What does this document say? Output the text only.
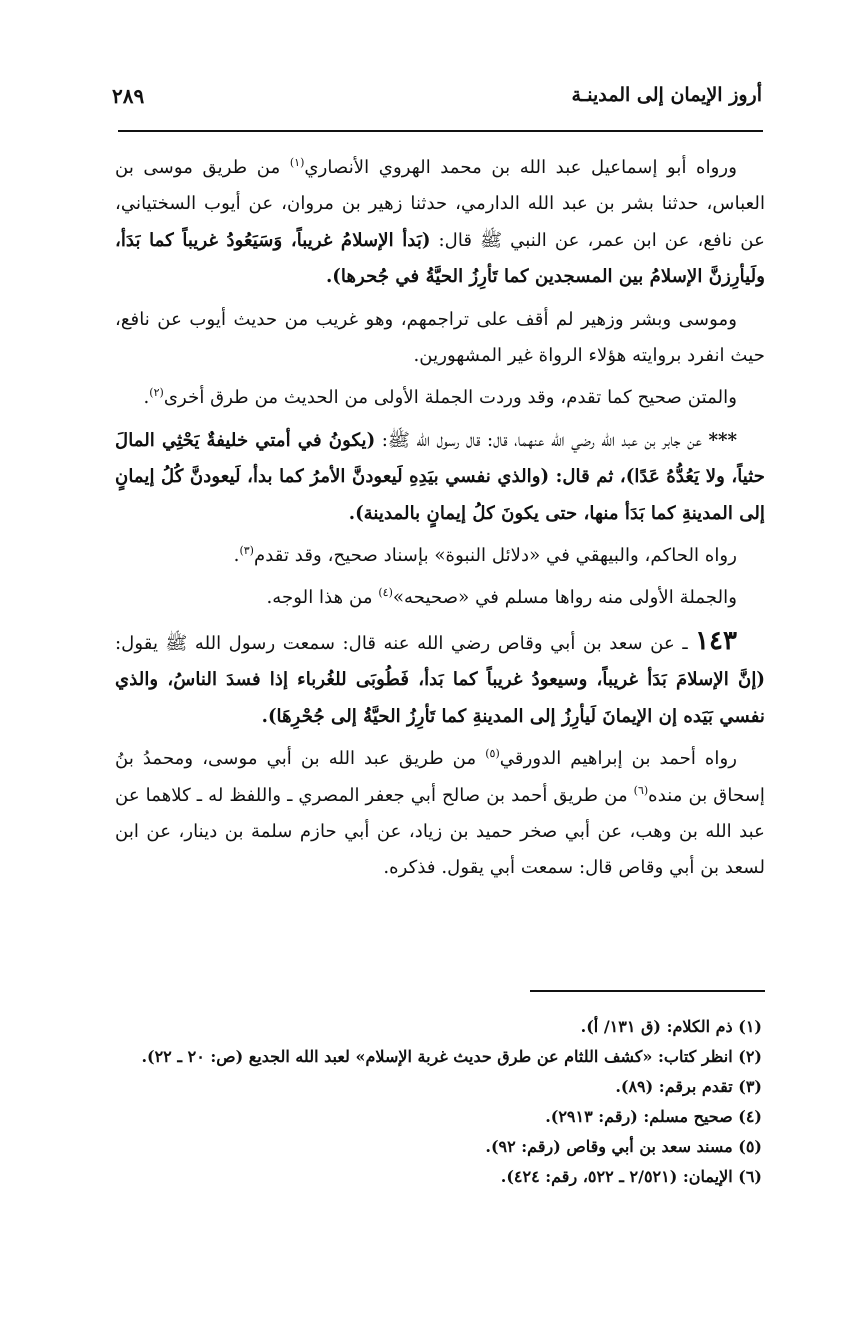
أروز الإيمان إلى المدينـة
٢٨٩

ورواه أبو إسماعيل عبد الله بن محمد الهروي الأنصاري$^{(١)}$ من طريق موسى بن العباس، حدثنا بشر بن عبد الله الدارمي، حدثنا زهير بن مروان، عن أيوب السختياني، عن نافع، عن ابن عمر، عن النبي ﷺ قال: (بَدأ الإسلامُ غريباً، وَسَيَعُودُ غريباً كما بَدَأ، ولَيأرِزنَّ الإسلامُ بين المسجدين كما تَأرِزُ الحيَّةُ في جُحرها).

وموسى وبشر وزهير لم أقف على تراجمهم، وهو غريب من حديث أيوب عن نافع، حيث انفرد بروايته هؤلاء الرواة غير المشهورين.

والمتن صحيح كما تقدم، وقد وردت الجملة الأولى من الحديث من طرق أخرى$^{(٢)}$.

*** عن جابر بن عبد الله رضي الله عنهما، قال: قال رسول الله ﷺ: (يكونُ في أمتي خليفةٌ يَحْثِي المالَ حثياً، ولا يَعُدُّهُ عَدًا)، ثم قال: (والذي نفسي بيَدِهِ لَيعودنَّ الأمرُ كما بدأ، لَيعودنَّ كُلُ إيمانٍ إلى المدينةِ كما بَدَأ منها، حتى يكونَ كلُ إيمانٍ بالمدينة).

رواه الحاكم، والبيهقي في «دلائل النبوة» بإسناد صحيح، وقد تقدم$^{(٣)}$.

والجملة الأولى منه رواها مسلم في «صحيحه»$^{(٤)}$ من هذا الوجه.

١٤٣ ـ عن سعد بن أبي وقاص رضي الله عنه قال: سمعت رسول الله ﷺ يقول: (إنَّ الإسلامَ بَدَأ غريباً، وسيعودُ غريباً كما بَدأ، فَطُوبَى للغُرباء إذا فسدَ الناسُ، والذي نفسي بَيَده إن الإيمانَ لَيأرِزُ إلى المدينةِ كما تَأرِزُ الحيَّةُ إلى جُحْرِهَا).

رواه أحمد بن إبراهيم الدورقي$^{(٥)}$ من طريق عبد الله بن أبي موسى، ومحمدُ بنُ إسحاق بن منده$^{(٦)}$ من طريق أحمد بن صالح أبي جعفر المصري ـ واللفظ له ـ كلاهما عن عبد الله بن وهب، عن أبي صخر حميد بن زياد، عن أبي حازم سلمة بن دينار، عن ابن لسعد بن أبي وقاص قال: سمعت أبي يقول. فذكره.

(١) ذم الكلام: (ق ١٣١/ أ).

(٢) انظر كتاب: «كشف اللثام عن طرق حديث غربة الإسلام» لعبد الله الجديع (ص: ٢٠ ـ ٢٢).

(٣) تقدم برقم: (٨٩).

(٤) صحيح مسلم: (رقم: ٢٩١٣).

(٥) مسند سعد بن أبي وقاص (رقم: ٩٢).

(٦) الإيمان: (٢/٥٢١ ـ ٥٢٢، رقم: ٤٢٤).
